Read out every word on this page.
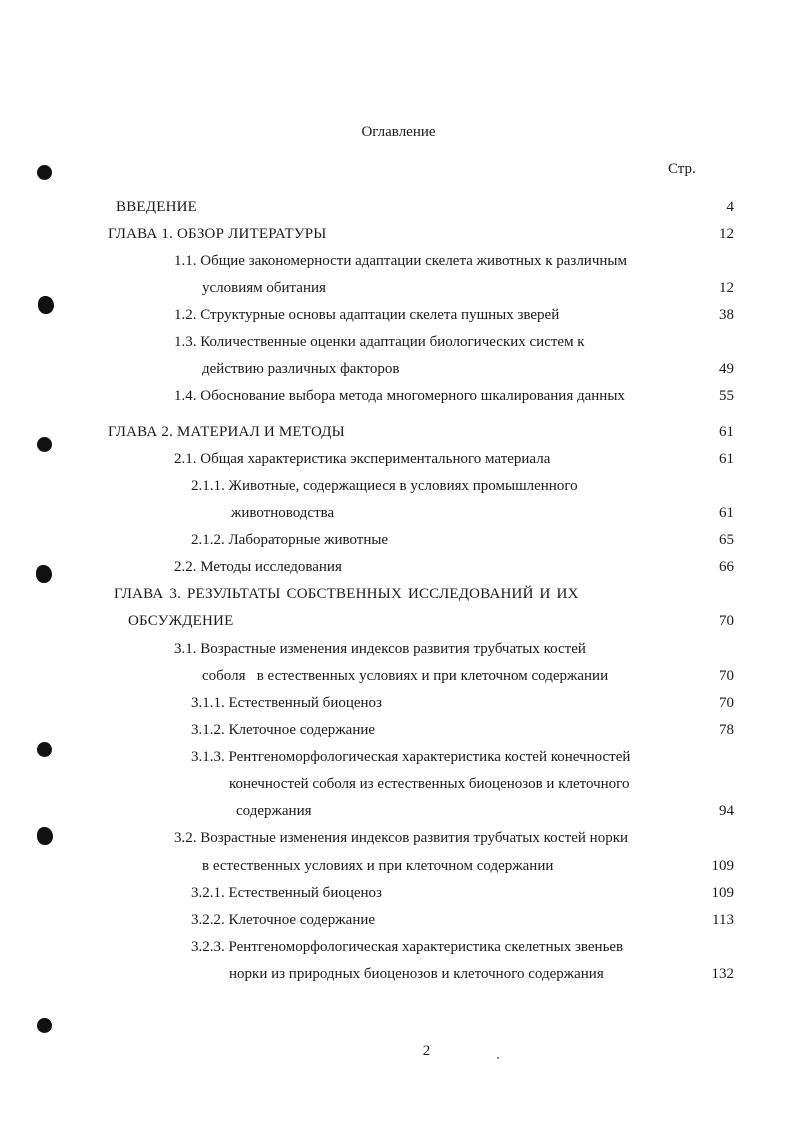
Оглавление
Стр.
ВВЕДЕНИЕ	4
ГЛАВА 1. ОБЗОР ЛИТЕРАТУРЫ	12
1.1. Общие закономерности адаптации скелета животных к различным
условиям обитания	12
1.2. Структурные основы адаптации скелета пушных зверей	38
1.3. Количественные оценки адаптации биологических систем к
действию различных факторов	49
1.4. Обоснование выбора метода многомерного шкалирования данных	55
ГЛАВА 2. МАТЕРИАЛ И МЕТОДЫ	61
2.1. Общая характеристика экспериментального материала	61
2.1.1. Животные, содержащиеся в условиях промышленного
животноводства	61
2.1.2. Лабораторные животные	65
2.2. Методы исследования	66
ГЛАВА 3. РЕЗУЛЬТАТЫ СОБСТВЕННЫХ ИССЛЕДОВАНИЙ И ИХ
ОБСУЖДЕНИЕ	70
3.1. Возрастные изменения индексов развития трубчатых костей
соболя   в естественных условиях и при клеточном содержании	70
3.1.1. Естественный биоценоз	70
3.1.2. Клеточное содержание	78
3.1.3. Рентгеноморфологическая характеристика костей конечностей
конечностей соболя из естественных биоценозов и клеточного
содержания	94
3.2. Возрастные изменения индексов развития трубчатых костей норки
в естественных условиях и при клеточном содержании	109
3.2.1. Естественный биоценоз	109
3.2.2. Клеточное содержание	113
3.2.3. Рентгеноморфологическая характеристика скелетных звеньев
норки из природных биоценозов и клеточного содержания	132
2
